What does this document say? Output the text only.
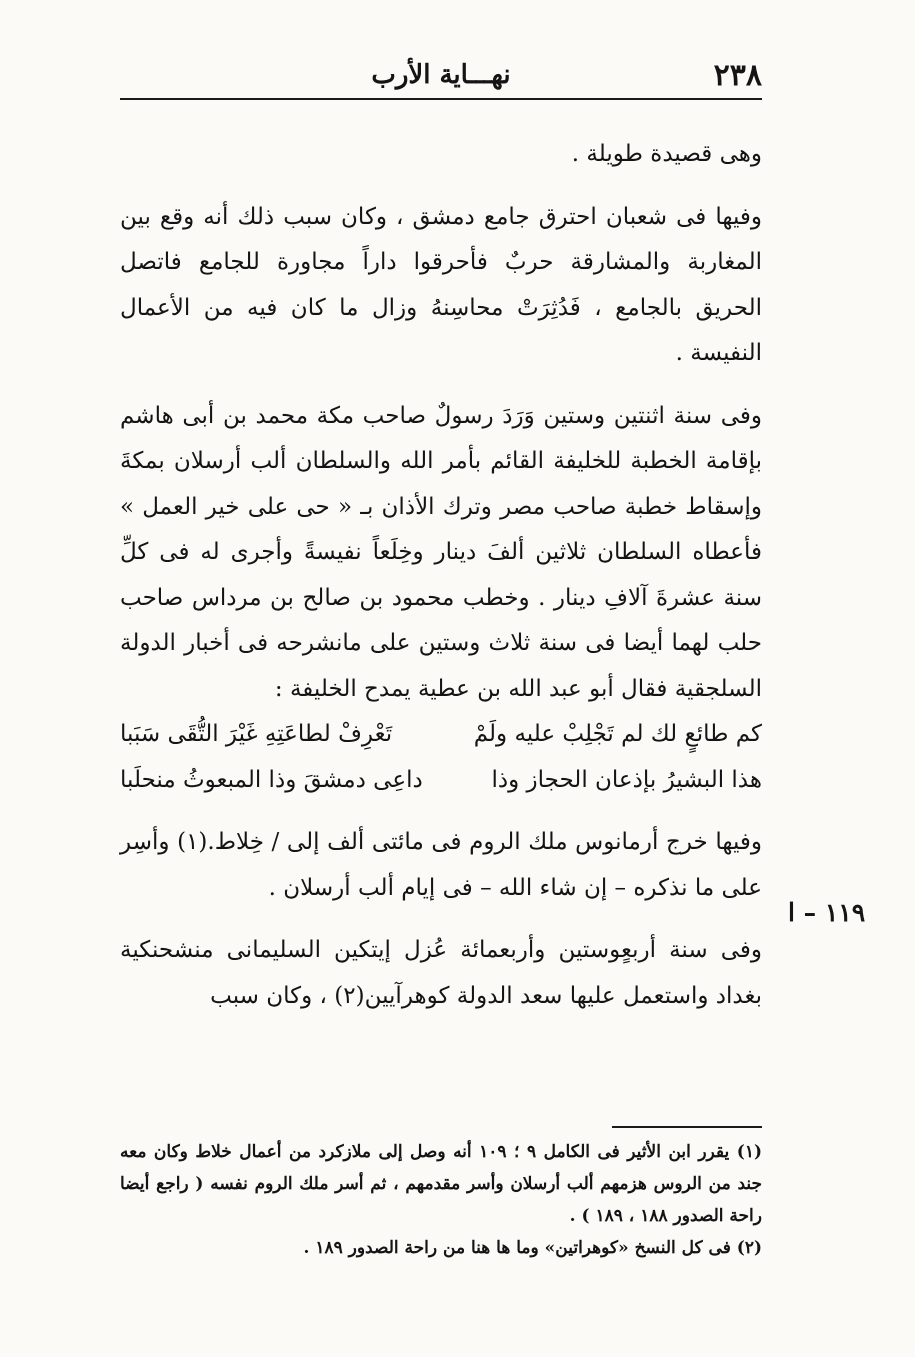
٢٣٨
نهـــاية الأرب

وهى قصيدة طويلة .

وفيها فى شعبان احترق جامع دمشق ، وكان سبب ذلك أنه وقع بين المغاربة والمشارقة حربٌ فأحرقوا داراً مجاورة للجامع فاتصل الحريق بالجامع ، فَدُثِرَتْ محاسِنهُ وزال ما كان فيه من الأعمال النفيسة .

وفى سنة اثنتين وستين وَرَدَ رسولٌ صاحب مكة محمد بن أبى هاشم بإقامة الخطبة للخليفة القائم بأمر الله والسلطان ألب أرسلان بمكةَ وإسقاط خطبة صاحب مصر وترك الأذان بـ « حى على خير العمل » فأعطاه السلطان ثلاثين ألفَ دينار وخِلَعاً نفيسةً وأجرى له فى كلِّ سنة عشرةَ آلافِ دينار . وخطب محمود بن صالح بن مرداس صاحب حلب لهما أيضا فى سنة ثلاث وستين على مانشرحه فى أخبار الدولة السلجقية فقال أبو عبد الله بن عطية يمدح الخليفة :

كم طائعٍ لك لم تَجْلِبْ عليه ولَمْ
تَعْرِفْ لطاعَتِهِ غَيْرَ التُّقَى سَبَبا
هذا البشيرُ بإذعان الحجاز وذا
داعِى دمشقَ وذا المبعوثُ منحلَبا

وفيها خرج أرمانوس ملك الروم فى مائتى ألف إلى / خِلاط.(١) وأسِر على ما نذكره – إن شاء الله – فى إيام ألب أرسلان .

وفى سنة أربعٍوستين وأربعمائة عُزل إيتكين السليمانى منشحنكية بغداد واستعمل عليها سعد الدولة كوهرآيين(٢) ، وكان سبب

١١٩ – ا

(١) يقرر ابن الأثير فى الكامل ٩ ؛ ١٠٩ أنه وصل إلى ملازكرد من أعمال خلاط وكان معه جند من الروس هزمهم ألب أرسلان وأسر مقدمهم ، ثم أسر ملك الروم نفسه ( راجع أيضا راحة الصدور ١٨٨ ، ١٨٩ ) .

(٢) فى كل النسخ «كوهراتين» وما ها هنا من راحة الصدور ١٨٩ .
